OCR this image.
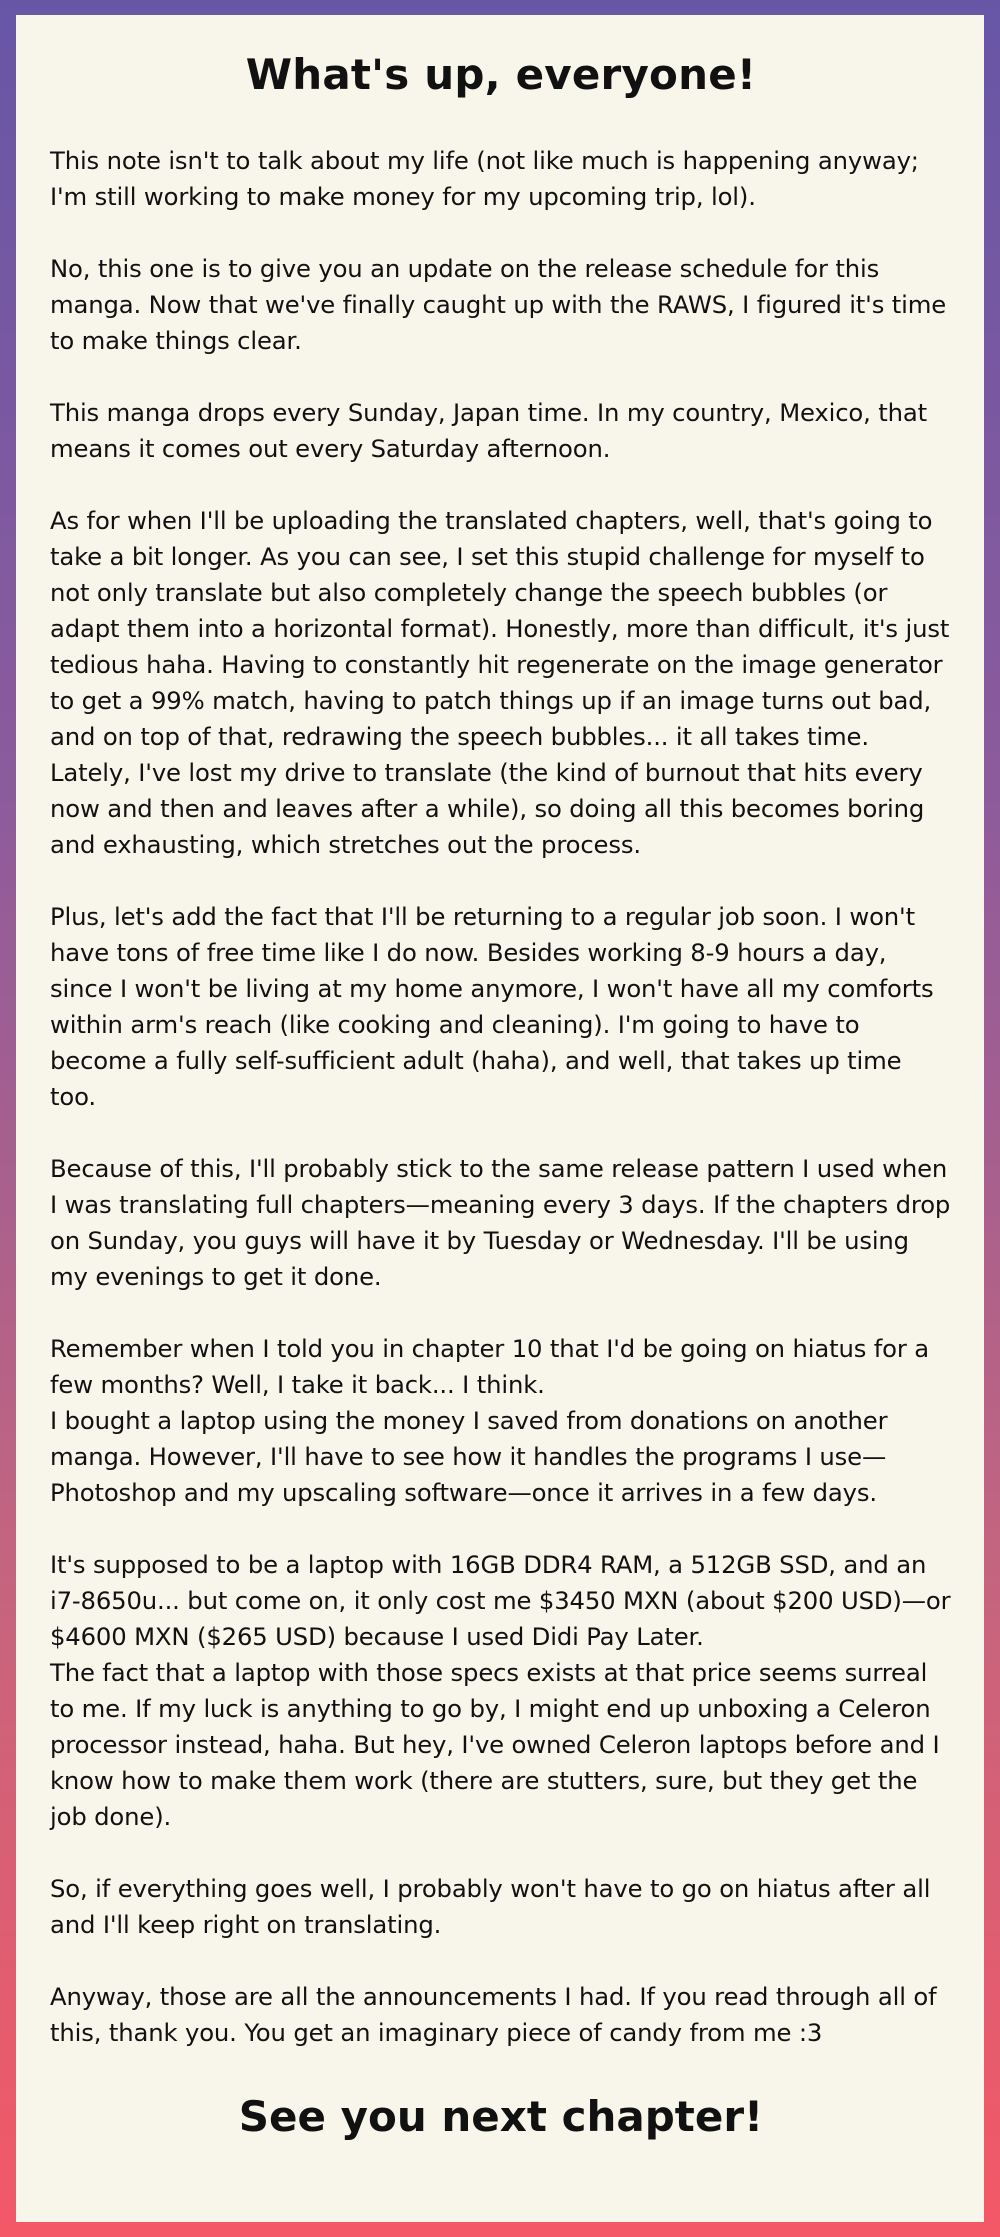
What's up, everyone!

This note isn't to talk about my life (not like much is happening anyway; I'm still working to make money for my upcoming trip, lol).

No, this one is to give you an update on the release schedule for this manga. Now that we've finally caught up with the RAWS, I figured it's time to make things clear.

This manga drops every Sunday, Japan time. In my country, Mexico, that means it comes out every Saturday afternoon.

As for when I'll be uploading the translated chapters, well, that's going to take a bit longer. As you can see, I set this stupid challenge for myself to not only translate but also completely change the speech bubbles (or adapt them into a horizontal format). Honestly, more than difficult, it's just tedious haha. Having to constantly hit regenerate on the image generator to get a 99% match, having to patch things up if an image turns out bad, and on top of that, redrawing the speech bubbles... it all takes time. Lately, I've lost my drive to translate (the kind of burnout that hits every now and then and leaves after a while), so doing all this becomes boring and exhausting, which stretches out the process.

Plus, let's add the fact that I'll be returning to a regular job soon. I won't have tons of free time like I do now. Besides working 8-9 hours a day, since I won't be living at my home anymore, I won't have all my comforts within arm's reach (like cooking and cleaning). I'm going to have to become a fully self-sufficient adult (haha), and well, that takes up time too.

Because of this, I'll probably stick to the same release pattern I used when I was translating full chapters—meaning every 3 days. If the chapters drop on Sunday, you guys will have it by Tuesday or Wednesday. I'll be using my evenings to get it done.

Remember when I told you in chapter 10 that I'd be going on hiatus for a few months? Well, I take it back... I think.
I bought a laptop using the money I saved from donations on another manga. However, I'll have to see how it handles the programs I use—Photoshop and my upscaling software—once it arrives in a few days.

It's supposed to be a laptop with 16GB DDR4 RAM, a 512GB SSD, and an i7-8650u... but come on, it only cost me $3450 MXN (about $200 USD)—or $4600 MXN ($265 USD) because I used Didi Pay Later.
The fact that a laptop with those specs exists at that price seems surreal to me. If my luck is anything to go by, I might end up unboxing a Celeron processor instead, haha. But hey, I've owned Celeron laptops before and I know how to make them work (there are stutters, sure, but they get the job done).

So, if everything goes well, I probably won't have to go on hiatus after all and I'll keep right on translating.

Anyway, those are all the announcements I had. If you read through all of this, thank you. You get an imaginary piece of candy from me :3

See you next chapter!
